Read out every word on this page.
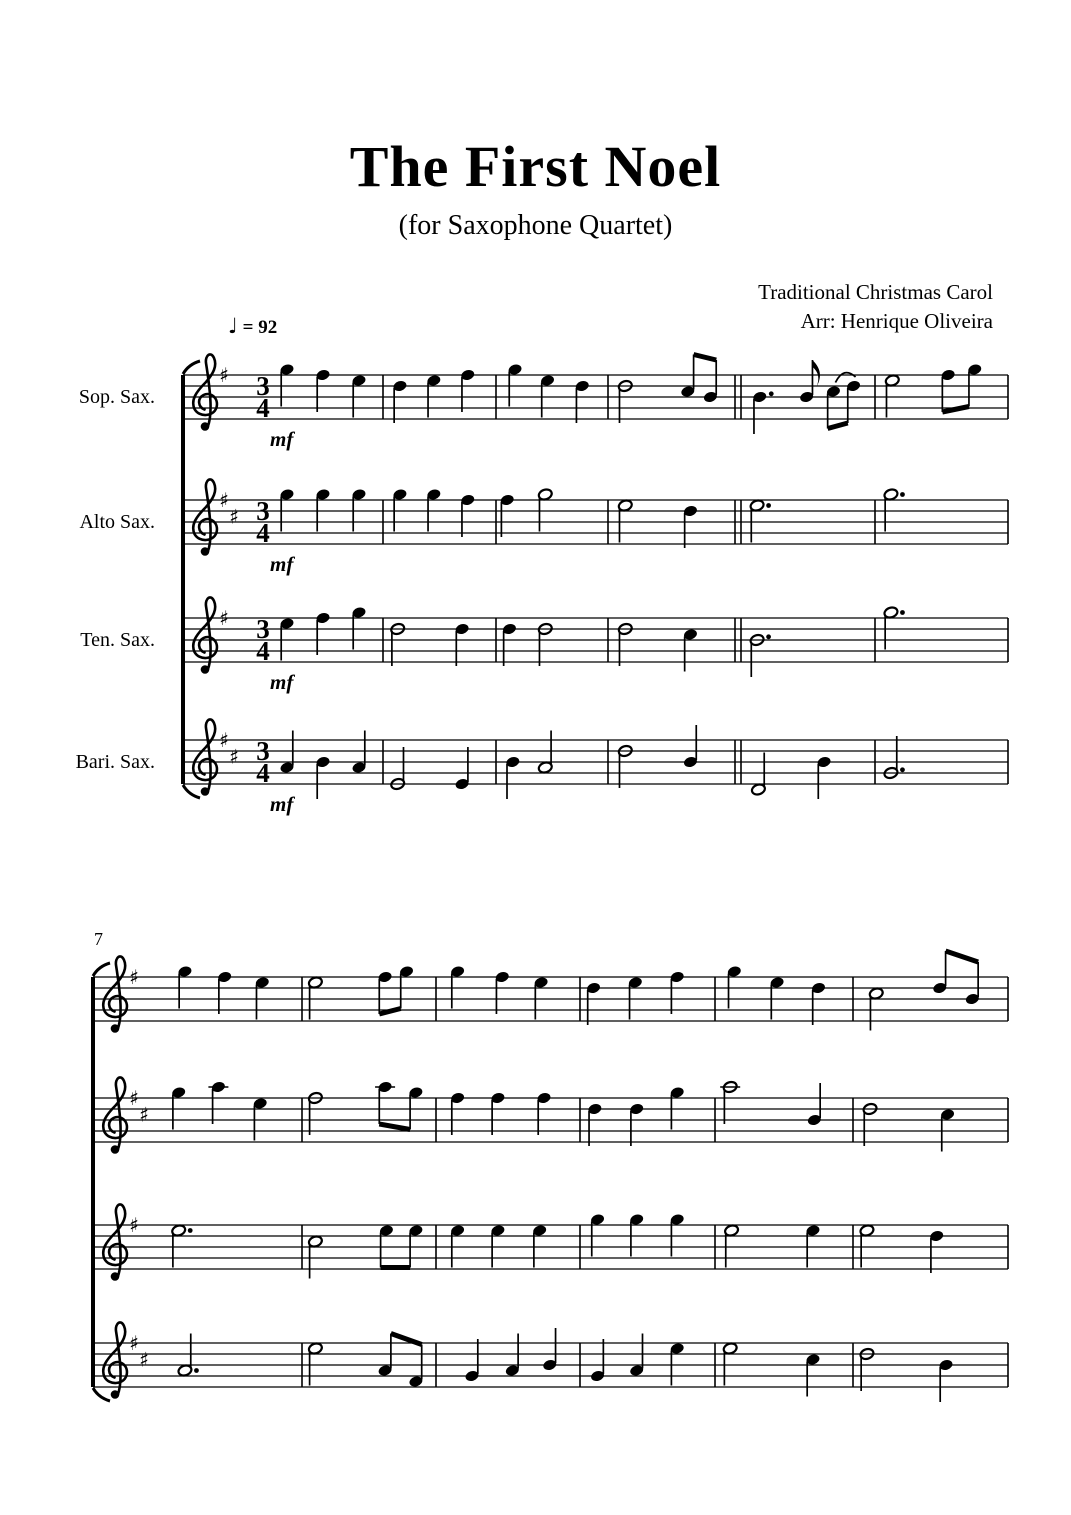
The First Noel
(for Saxophone Quartet)
Traditional Christmas Carol
Arr: Henrique Oliveira
♩ = 92
7
♯ 3
4
Sop. Sax.
mf
♯
♯ 3
4
Alto Sax.
mf
♯ 3
4
Ten. Sax.
mf
♯
♯ 3
4
Bari. Sax.
mf
♯
♯
♯
♯
♯
♯
